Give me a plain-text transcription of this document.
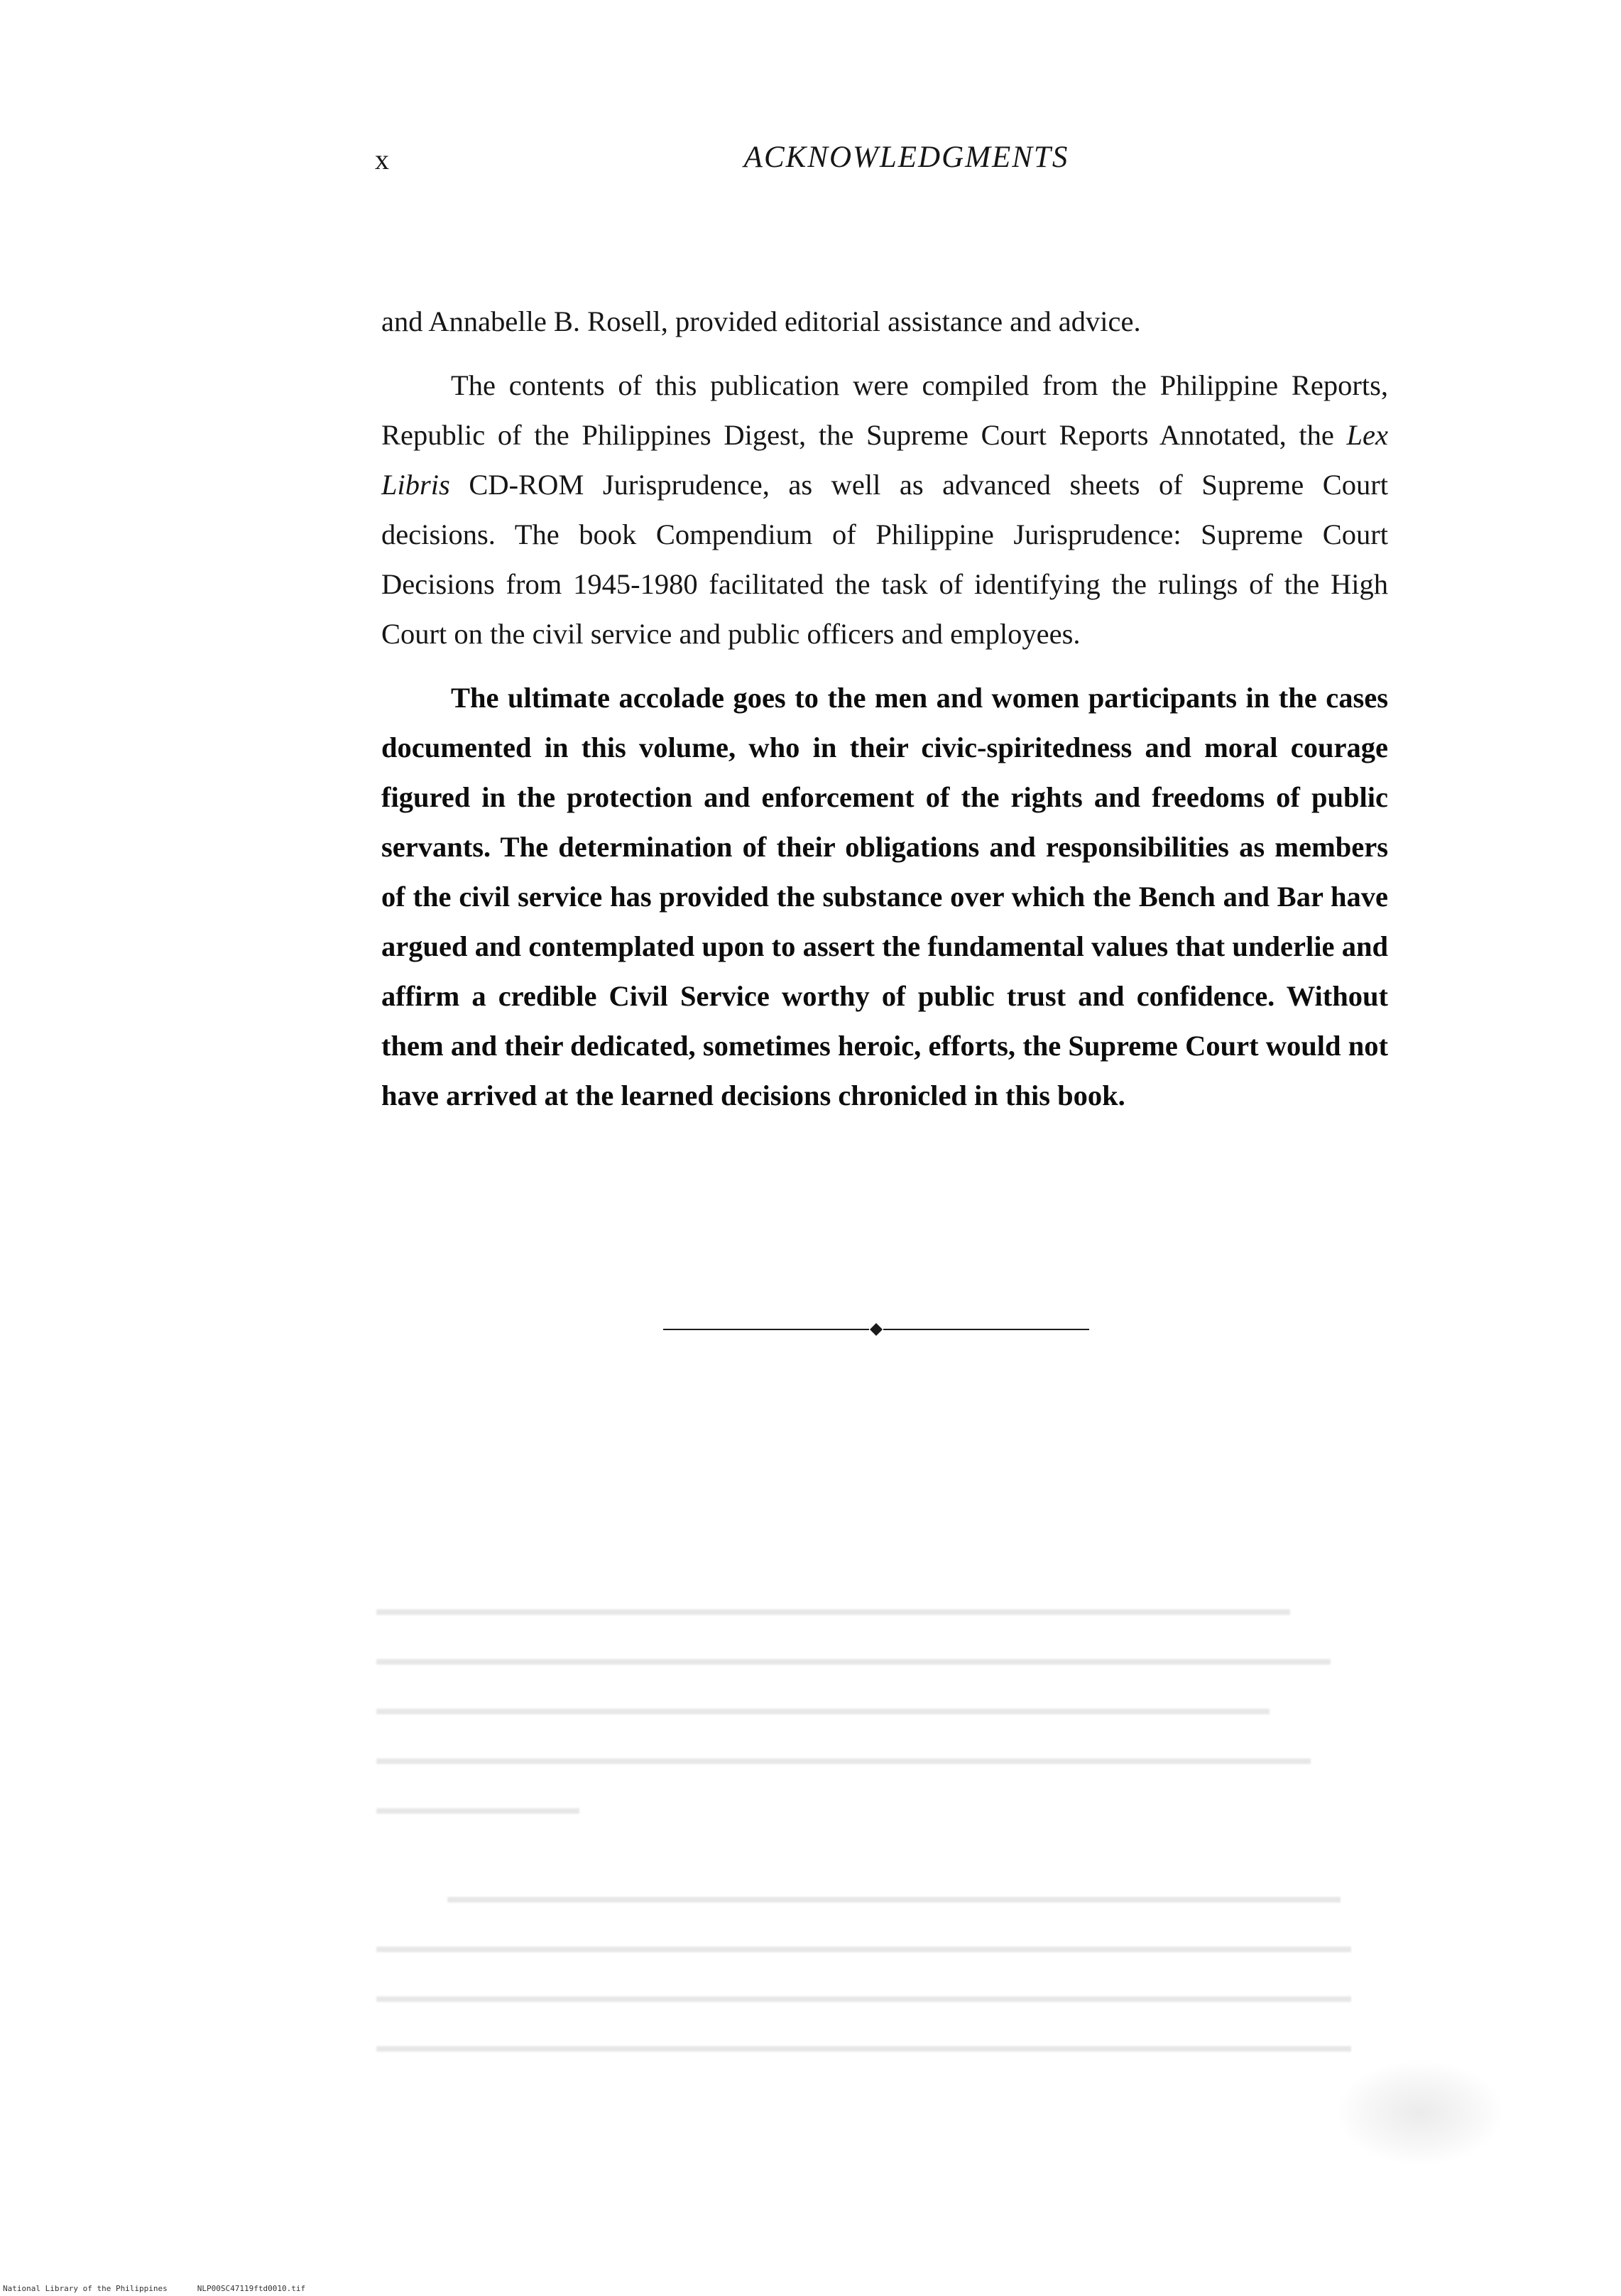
x	ACKNOWLEDGMENTS

and Annabelle B. Rosell, provided editorial assistance and advice.

The contents of this publication were compiled from the Philippine Reports, Republic of the Philippines Digest, the Supreme Court Reports Annotated, the Lex Libris CD-ROM Jurisprudence, as well as advanced sheets of Supreme Court decisions. The book Compendium of Philippine Jurisprudence: Supreme Court Decisions from 1945-1980 facilitated the task of identifying the rulings of the High Court on the civil service and public officers and employees.

The ultimate accolade goes to the men and women participants in the cases documented in this volume, who in their civic-spiritedness and moral courage figured in the protection and enforcement of the rights and freedoms of public servants. The determination of their obligations and responsibilities as members of the civil service has provided the substance over which the Bench and Bar have argued and contemplated upon to assert the fundamental values that underlie and affirm a credible Civil Service worthy of public trust and confidence. Without them and their dedicated, sometimes heroic, efforts, the Supreme Court would not have arrived at the learned decisions chronicled in this book.

National Library of the Philippines	NLP00SC47119ftd0010.tif
